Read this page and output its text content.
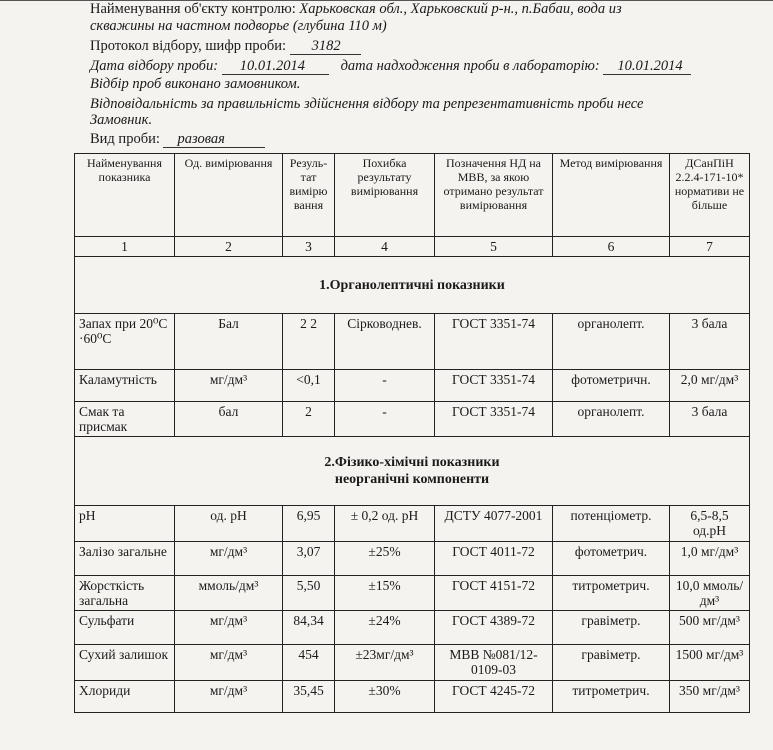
Найменування об'єкту контролю: Харьковская обл., Харьковский р-н., п.Бабаи, вода из
скважины на частном подворье (глубина 110 м)
Протокол відбору, шифр проби: 3182
Дата відбору проби: 10.01.2014 дата надходження проби в лабораторію: 10.01.2014
Відбір проб виконано замовником.
Відповідальність за правильність здійснення відбору та репрезентативність проби несе
Замовник.
Вид проби: разовая
Найменування показника	Од. вимірювання	Резуль-тат вимірю вання	Похибка результату вимірювання	Позначення НД на МВВ, за якою отримано результат вимірювання	Метод вимірювання	ДСанПіН 2.2.4-171-10* нормативи не більше
1	2	3	4	5	6	7
1.Органолептичні показники						
Запах при 20⁰С ·60⁰С	Бал	2 2	Сірководнев.	ГОСТ 3351-74	органолепт.	3 бала
Каламутність	мг/дм³	<0,1	-	ГОСТ 3351-74	фотометричн.	2,0 мг/дм³
Смак та присмак	бал	2	-	ГОСТ 3351-74	органолепт.	3 бала

2.Фізико-хімічні показники
неорганічні компоненти						

рН	од. рН	6,95	± 0,2 од. рН	ДСТУ 4077-2001	потенціометр.	6,5-8,5 од.рН
Залізо загальне	мг/дм³	3,07	±25%	ГОСТ 4011-72	фотометрич.	1,0 мг/дм³
Жорсткість загальна	ммоль/дм³	5,50	±15%	ГОСТ 4151-72	титрометрич.	10,0 ммоль/ дм³
Сульфати	мг/дм³	84,34	±24%	ГОСТ 4389-72	гравіметр.	500 мг/дм³
Сухий залишок	мг/дм³	454	±23мг/дм³	МВВ №081/12-0109-03	гравіметр.	1500 мг/дм³
Хлориди	мг/дм³	35,45	±30%	ГОСТ 4245-72	титрометрич.	350 мг/дм³
